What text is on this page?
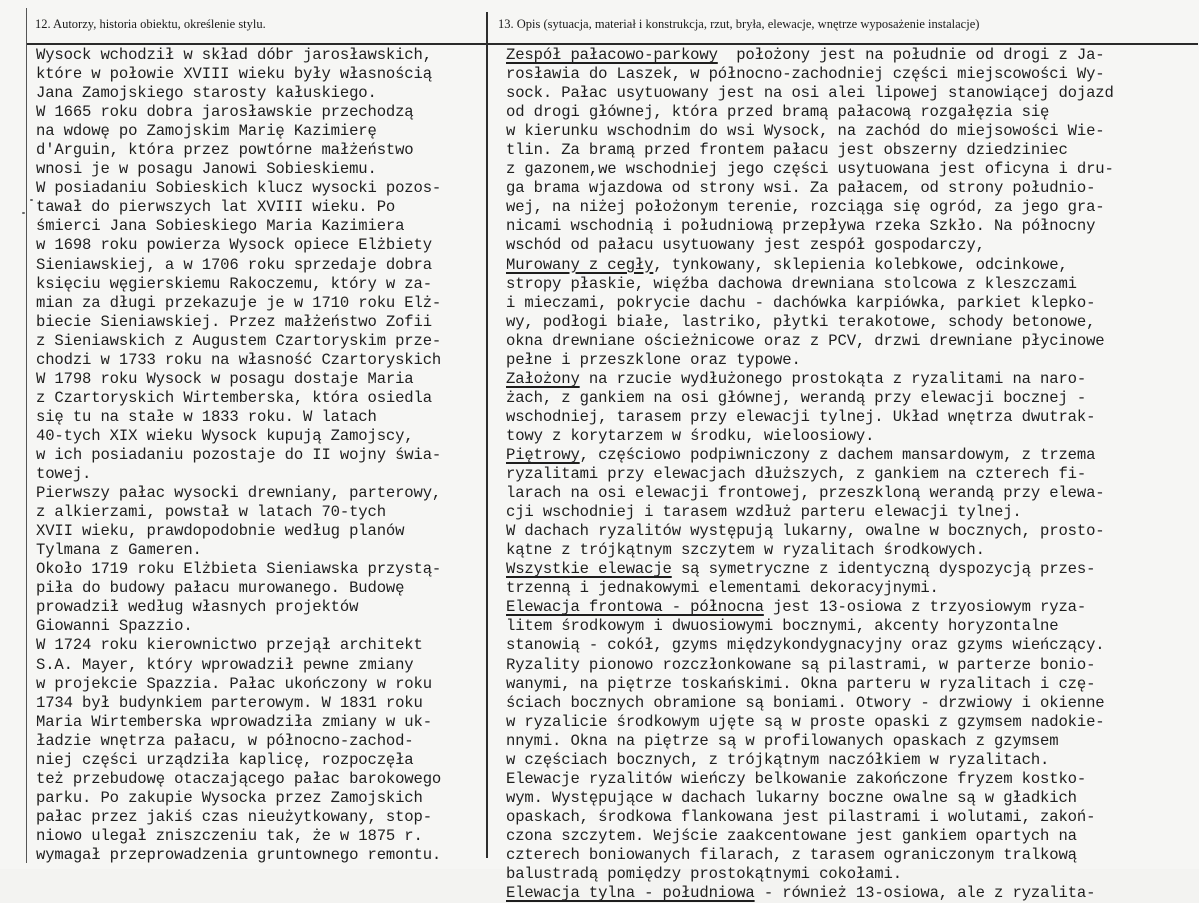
12. Autorzy, historia obiektu, określenie stylu.	13. Opis (sytuacja, materiał i konstrukcja, rzut, bryła, elewacje, wnętrze wyposażenie instalacje)
Wysock wchodził w skład dóbr jarosławskich,
które w połowie XVIII wieku były własnością
Jana Zamojskiego starosty kałuskiego.
W 1665 roku dobra jarosławskie przechodzą
na wdowę po Zamojskim Marię Kazimierę
d'Arguin, która przez powtórne małżeństwo
wnosi je w posagu Janowi Sobieskiemu.
W posiadaniu Sobieskich klucz wysocki pozos-
tawał do pierwszych lat XVIII wieku. Po
śmierci Jana Sobieskiego Maria Kazimiera
w 1698 roku powierza Wysock opiece Elżbiety
Sieniawskiej, a w 1706 roku sprzedaje dobra
księciu węgierskiemu Rakoczemu, który w za-
mian za długi przekazuje je w 1710 roku Elż-
biecie Sieniawskiej. Przez małżeństwo Zofii
z Sieniawskich z Augustem Czartoryskim prze-
chodzi w 1733 roku na własność Czartoryskich
W 1798 roku Wysock w posagu dostaje Maria
z Czartoryskich Wirtemberska, która osiedla
się tu na stałe w 1833 roku. W latach
40-tych XIX wieku Wysock kupują Zamojscy,
w ich posiadaniu pozostaje do II wojny świa-
towej.
Pierwszy pałac wysocki drewniany, parterowy,
z alkierzami, powstał w latach 70-tych
XVII wieku, prawdopodobnie według planów
Tylmana z Gameren.
Około 1719 roku Elżbieta Sieniawska przystą-
piła do budowy pałacu murowanego. Budowę
prowadził według własnych projektów
Giowanni Spazzio.
W 1724 roku kierownictwo przejął architekt
S.A. Mayer, który wprowadził pewne zmiany
w projekcie Spazzia. Pałac ukończony w roku
1734 był budynkiem parterowym. W 1831 roku
Maria Wirtemberska wprowadziła zmiany w uk-
ładzie wnętrza pałacu, w północno-zachod-
niej części urządziła kaplicę, rozpoczęła
też przebudowę otaczającego pałac barokowego
parku. Po zakupie Wysocka przez Zamojskich
pałac przez jakiś czas nieużytkowany, stop-
niowo ulegał zniszczeniu tak, że w 1875 r.
wymagał przeprowadzenia gruntownego remontu.
Zespół pałacowo-parkowy  położony jest na południe od drogi z Ja-
rosławia do Laszek, w północno-zachodniej części miejscowości Wy-
sock. Pałac usytuowany jest na osi alei lipowej stanowiącej dojazd
od drogi głównej, która przed bramą pałacową rozgałęzia się
w kierunku wschodnim do wsi Wysock, na zachód do miejsowości Wie-
tlin. Za bramą przed frontem pałacu jest obszerny dziedziniec
z gazonem,we wschodniej jego części usytuowana jest oficyna i dru-
ga brama wjazdowa od strony wsi. Za pałacem, od strony południo-
wej, na niżej położonym terenie, rozciąga się ogród, za jego gra-
nicami wschodnią i południową przepływa rzeka Szkło. Na północny
wschód od pałacu usytuowany jest zespół gospodarczy,
Murowany z cegły, tynkowany, sklepienia kolebkowe, odcinkowe,
stropy płaskie, więźba dachowa drewniana stolcowa z kleszczami
i mieczami, pokrycie dachu - dachówka karpiówka, parkiet klepko-
wy, podłogi białe, lastriko, płytki terakotowe, schody betonowe,
okna drewniane ościeżnicowe oraz z PCV, drzwi drewniane płycinowe
pełne i przeszklone oraz typowe.
Założony na rzucie wydłużonego prostokąta z ryzalitami na naro-
żach, z gankiem na osi głównej, werandą przy elewacji bocznej -
wschodniej, tarasem przy elewacji tylnej. Układ wnętrza dwutrak-
towy z korytarzem w środku, wieloosiowy.
Piętrowy, częściowo podpiwniczony z dachem mansardowym, z trzema
ryzalitami przy elewacjach dłuższych, z gankiem na czterech fi-
larach na osi elewacji frontowej, przeszkloną werandą przy elewa-
cji wschodniej i tarasem wzdłuż parteru elewacji tylnej.
W dachach ryzalitów występują lukarny, owalne w bocznych, prosto-
kątne z trójkątnym szczytem w ryzalitach środkowych.
Wszystkie elewacje są symetryczne z identyczną dyspozycją przes-
trzenną i jednakowymi elementami dekoracyjnymi.
Elewacja frontowa - północna jest 13-osiowa z trzyosiowym ryza-
litem środkowym i dwuosiowymi bocznymi, akcenty horyzontalne
stanowią - cokół, gzyms międzykondygnacyjny oraz gzyms wieńczący.
Ryzality pionowo rozczłonkowane są pilastrami, w parterze bonio-
wanymi, na piętrze toskańskimi. Okna parteru w ryzalitach i czę-
ściach bocznych obramione są boniami. Otwory - drzwiowy i okienne
w ryzalicie środkowym ujęte są w proste opaski z gzymsem nadokie-
nnymi. Okna na piętrze są w profilowanych opaskach z gzymsem
w częściach bocznych, z trójkątnym naczółkiem w ryzalitach.
Elewacje ryzalitów wieńczy belkowanie zakończone fryzem kostko-
wym. Występujące w dachach lukarny boczne owalne są w gładkich
opaskach, środkowa flankowana jest pilastrami i wolutami, zakoń-
czona szczytem. Wejście zaakcentowane jest gankiem opartych na
czterech boniowanych filarach, z tarasem ograniczonym tralkową
balustradą pomiędzy prostokątnymi cokołami.
Elewacja tylna - południowa - również 13-osiowa, ale z ryzalita-
